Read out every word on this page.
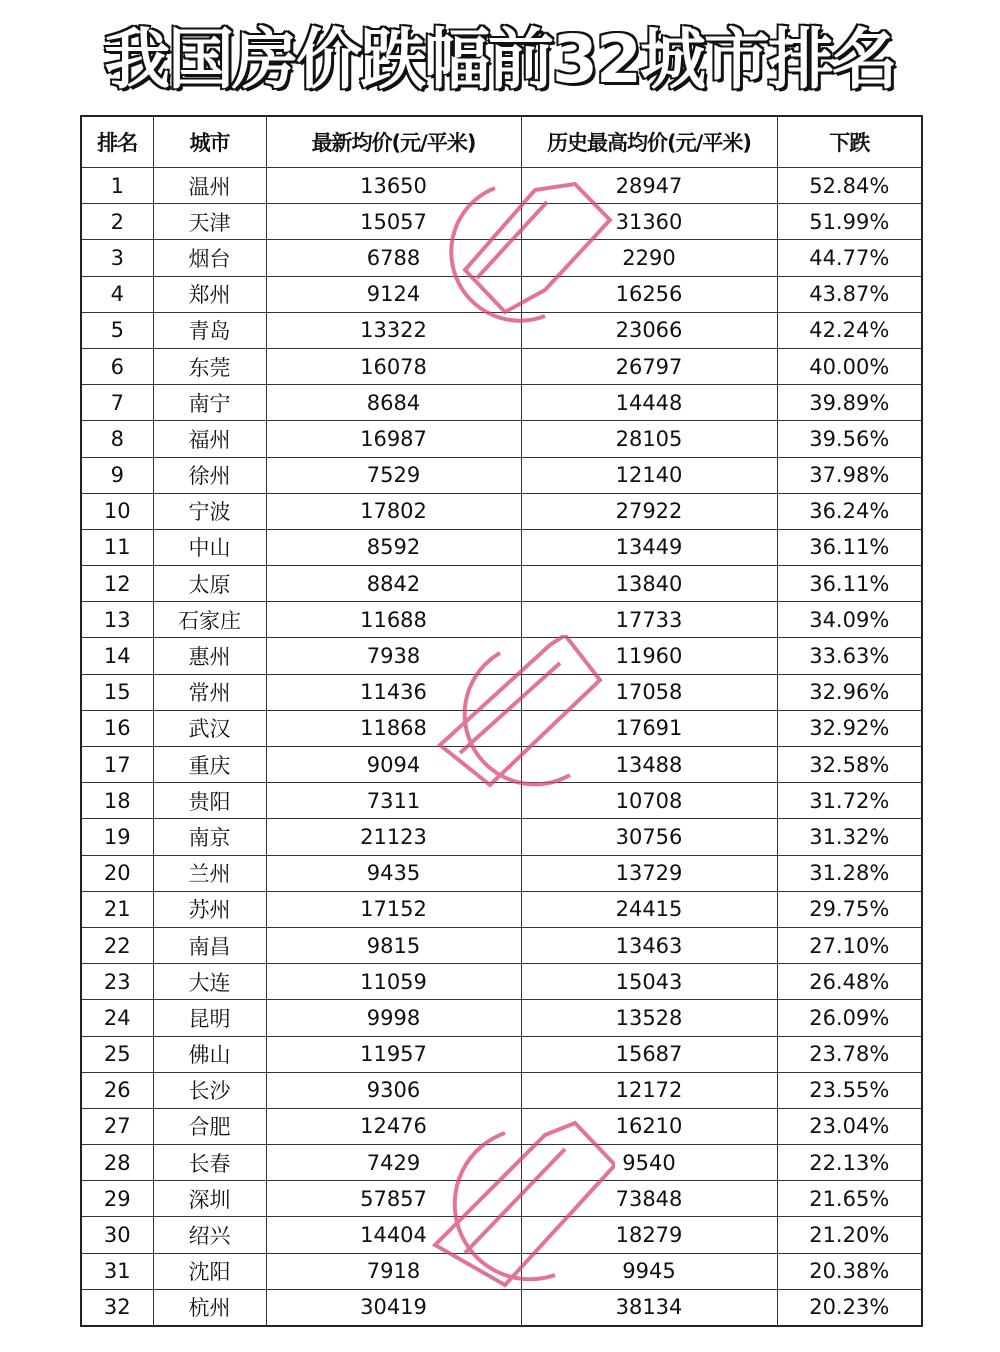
我国房价跌幅前32城市排名
排名	城市	最新均价(元/平米)	历史最高均价(元/平米)	下跌
1	温州	13650	28947	52.84%
2	天津	15057	31360	51.99%
3	烟台	6788	2290	44.77%
4	郑州	9124	16256	43.87%
5	青岛	13322	23066	42.24%
6	东莞	16078	26797	40.00%
7	南宁	8684	14448	39.89%
8	福州	16987	28105	39.56%
9	徐州	7529	12140	37.98%
10	宁波	17802	27922	36.24%
11	中山	8592	13449	36.11%
12	太原	8842	13840	36.11%
13	石家庄	11688	17733	34.09%
14	惠州	7938	11960	33.63%
15	常州	11436	17058	32.96%
16	武汉	11868	17691	32.92%
17	重庆	9094	13488	32.58%
18	贵阳	7311	10708	31.72%
19	南京	21123	30756	31.32%
20	兰州	9435	13729	31.28%
21	苏州	17152	24415	29.75%
22	南昌	9815	13463	27.10%
23	大连	11059	15043	26.48%
24	昆明	9998	13528	26.09%
25	佛山	11957	15687	23.78%
26	长沙	9306	12172	23.55%
27	合肥	12476	16210	23.04%
28	长春	7429	9540	22.13%
29	深圳	57857	73848	21.65%
30	绍兴	14404	18279	21.20%
31	沈阳	7918	9945	20.38%
32	杭州	30419	38134	20.23%
